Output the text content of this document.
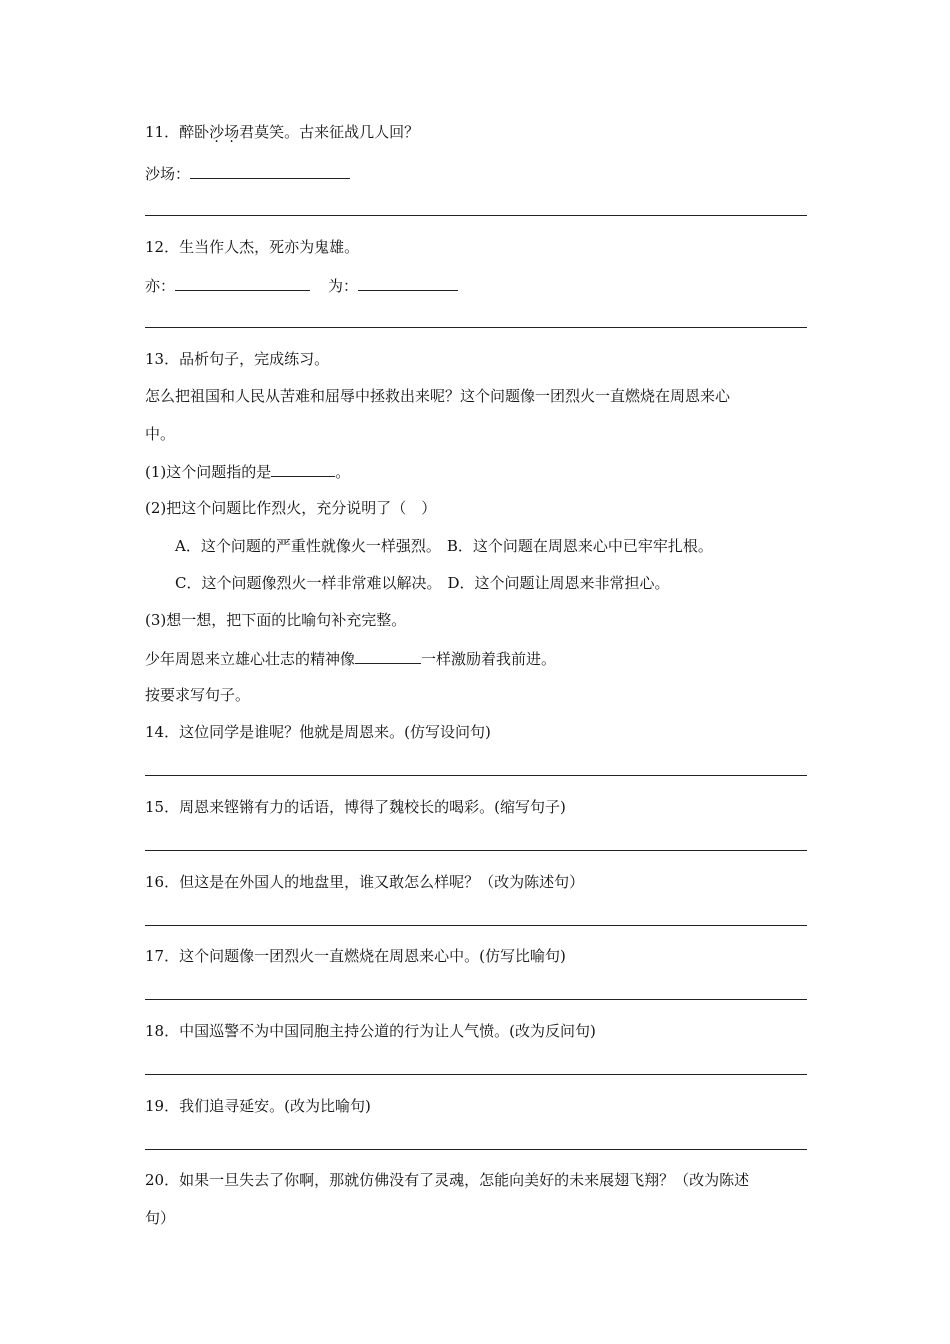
11．醉卧沙场君莫笑。古来征战几人回？
沙场：
12．生当作人杰，死亦为鬼雄。
亦：	为：
13．品析句子，完成练习。
怎么把祖国和人民从苦难和屈辱中拯救出来呢？这个问题像一团烈火一直燃烧在周恩来心
中。
(1)这个问题指的是	。
(2)把这个问题比作烈火，充分说明了（　）
A．这个问题的严重性就像火一样强烈。 B．这个问题在周恩来心中已牢牢扎根。
C．这个问题像烈火一样非常难以解决。 D．这个问题让周恩来非常担心。
(3)想一想，把下面的比喻句补充完整。
少年周恩来立雄心壮志的精神像	一样激励着我前进。
按要求写句子。
14．这位同学是谁呢？他就是周恩来。(仿写设问句)
15．周恩来铿锵有力的话语，博得了魏校长的喝彩。(缩写句子)
16．但这是在外国人的地盘里，谁又敢怎么样呢？（改为陈述句）
17．这个问题像一团烈火一直燃烧在周恩来心中。(仿写比喻句)
18．中国巡警不为中国同胞主持公道的行为让人气愤。(改为反问句)
19．我们追寻延安。(改为比喻句)
20．如果一旦失去了你啊，那就仿佛没有了灵魂，怎能向美好的未来展翅飞翔？（改为陈述
句）
